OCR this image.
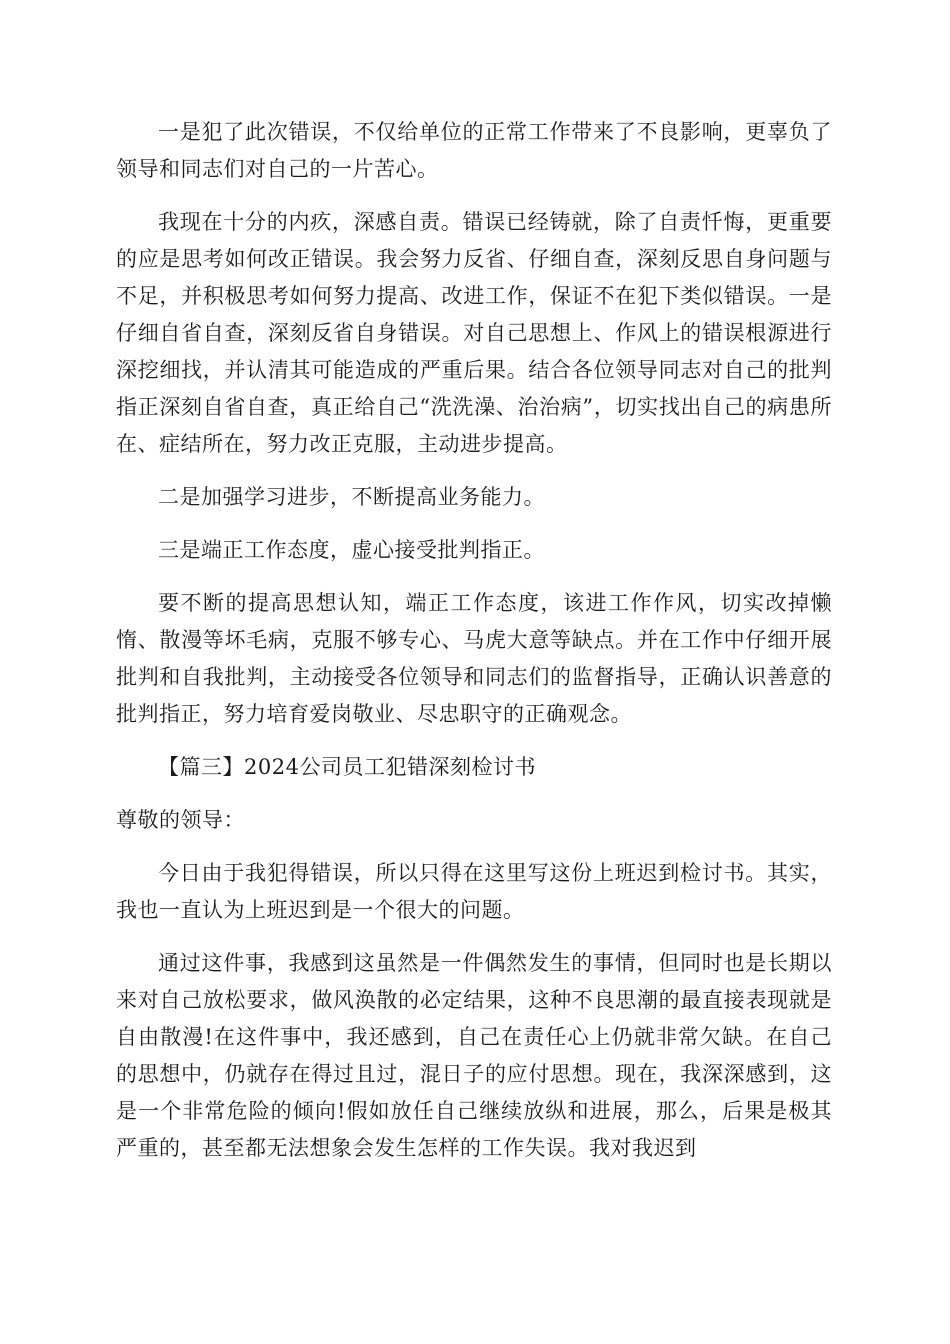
一是犯了此次错误，不仅给单位的正常工作带来了不良影响，更辜负了领导和同志们对自己的一片苦心。

我现在十分的内疚，深感自责。错误已经铸就，除了自责忏悔，更重要的应是思考如何改正错误。我会努力反省、仔细自查，深刻反思自身问题与不足，并积极思考如何努力提高、改进工作，保证不在犯下类似错误。一是仔细自省自查，深刻反省自身错误。对自己思想上、作风上的错误根源进行深挖细找，并认清其可能造成的严重后果。结合各位领导同志对自己的批判指正深刻自省自查，真正给自己“洗洗澡、治治病”，切实找出自己的病患所在、症结所在，努力改正克服，主动进步提高。

二是加强学习进步，不断提高业务能力。

三是端正工作态度，虚心接受批判指正。

要不断的提高思想认知，端正工作态度，该进工作作风，切实改掉懒惰、散漫等坏毛病，克服不够专心、马虎大意等缺点。并在工作中仔细开展批判和自我批判，主动接受各位领导和同志们的监督指导，正确认识善意的批判指正，努力培育爱岗敬业、尽忠职守的正确观念。

【篇三】2024公司员工犯错深刻检讨书

尊敬的领导：

今日由于我犯得错误，所以只得在这里写这份上班迟到检讨书。其实，我也一直认为上班迟到是一个很大的问题。

通过这件事，我感到这虽然是一件偶然发生的事情，但同时也是长期以来对自己放松要求，做风涣散的必定结果，这种不良思潮的最直接表现就是自由散漫!在这件事中，我还感到，自己在责任心上仍就非常欠缺。在自己的思想中，仍就存在得过且过，混日子的应付思想。现在，我深深感到，这是一个非常危险的倾向!假如放任自己继续放纵和进展，那么，后果是极其严重的，甚至都无法想象会发生怎样的工作失误。我对我迟到
